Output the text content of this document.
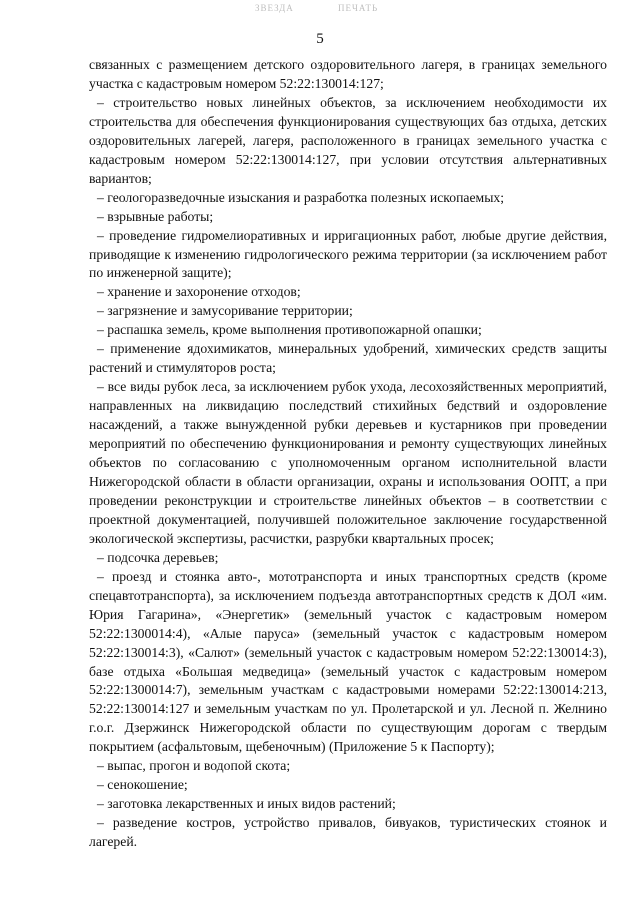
ЗВЕЗДА	ПЕЧАТЬ
5

связанных с размещением детского оздоровительного лагеря, в границах земельного участка с кадастровым номером 52:22:130014:127;

– строительство новых линейных объектов, за исключением необходимости их строительства для обеспечения функционирования существующих баз отдыха, детских оздоровительных лагерей, лагеря, расположенного в границах земельного участка с кадастровым номером 52:22:130014:127, при условии отсутствия альтернативных вариантов;

– геологоразведочные изыскания и разработка полезных ископаемых;

– взрывные работы;

– проведение гидромелиоративных и ирригационных работ, любые другие действия, приводящие к изменению гидрологического режима территории (за исключением работ по инженерной защите);

– хранение и захоронение отходов;

– загрязнение и замусоривание территории;

– распашка земель, кроме выполнения противопожарной опашки;

– применение ядохимикатов, минеральных удобрений, химических средств защиты растений и стимуляторов роста;

– все виды рубок леса, за исключением рубок ухода, лесохозяйственных мероприятий, направленных на ликвидацию последствий стихийных бедствий и оздоровление насаждений, а также вынужденной рубки деревьев и кустарников при проведении мероприятий по обеспечению функционирования и ремонту существующих линейных объектов по согласованию с уполномоченным органом исполнительной власти Нижегородской области в области организации, охраны и использования ООПТ, а при проведении реконструкции и строительстве линейных объектов – в соответствии с проектной документацией, получившей положительное заключение государственной экологической экспертизы, расчистки, разрубки квартальных просек;

– подсочка деревьев;

– проезд и стоянка авто-, мототранспорта и иных транспортных средств (кроме спецавтотранспорта), за исключением подъезда автотранспортных средств к ДОЛ «им. Юрия Гагарина», «Энергетик» (земельный участок с кадастровым номером 52:22:1300014:4), «Алые паруса» (земельный участок с кадастровым номером 52:22:130014:3), «Салют» (земельный участок с кадастровым номером 52:22:130014:3), базе отдыха «Большая медведица» (земельный участок с кадастровым номером 52:22:1300014:7), земельным участкам с кадастровыми номерами 52:22:130014:213, 52:22:130014:127 и земельным участкам по ул. Пролетарской и ул. Лесной п. Желнино г.о.г. Дзержинск Нижегородской области по существующим дорогам с твердым покрытием (асфальтовым, щебеночным) (Приложение 5 к Паспорту);

– выпас, прогон и водопой скота;

– сенокошение;

– заготовка лекарственных и иных видов растений;

– разведение костров, устройство привалов, бивуаков, туристических стоянок и лагерей.
